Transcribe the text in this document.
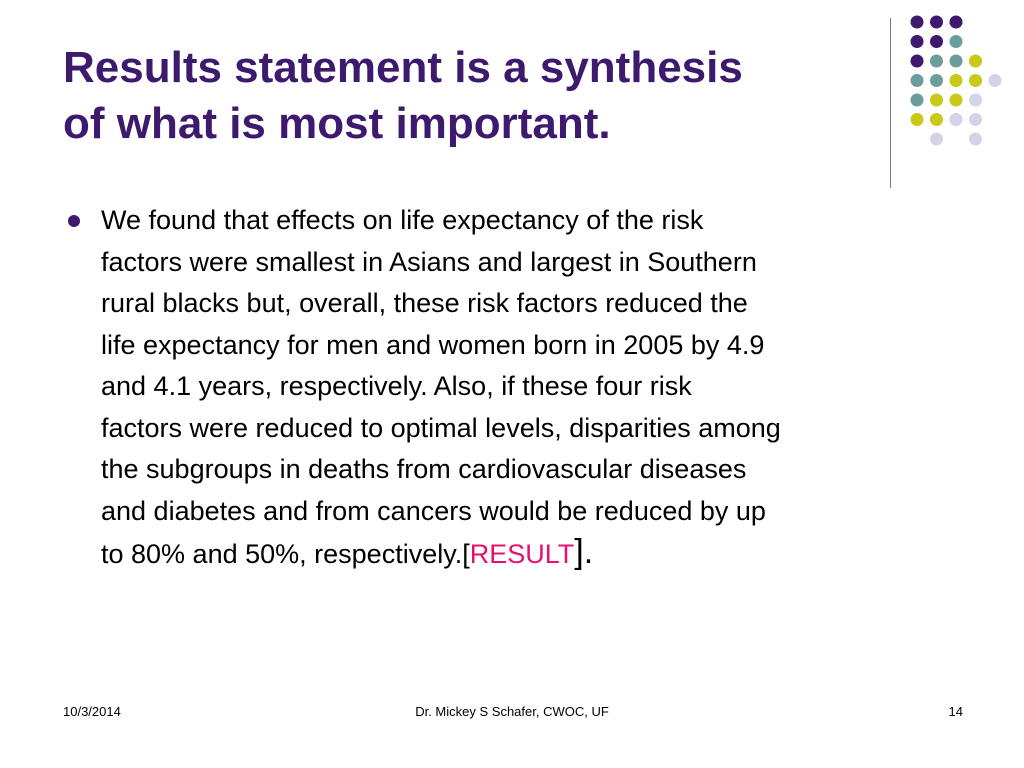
Results statement is a synthesis
of what is most important.
We found that effects on life expectancy of the risk
factors were smallest in Asians and largest in Southern
rural blacks but, overall, these risk factors reduced the
life expectancy for men and women born in 2005 by 4.9
and 4.1 years, respectively. Also, if these four risk
factors were reduced to optimal levels, disparities among
the subgroups in deaths from cardiovascular diseases
and diabetes and from cancers would be reduced by up
to 80% and 50%, respectively.[RESULT].
10/3/2014	Dr. Mickey S Schafer, CWOC, UF	14
